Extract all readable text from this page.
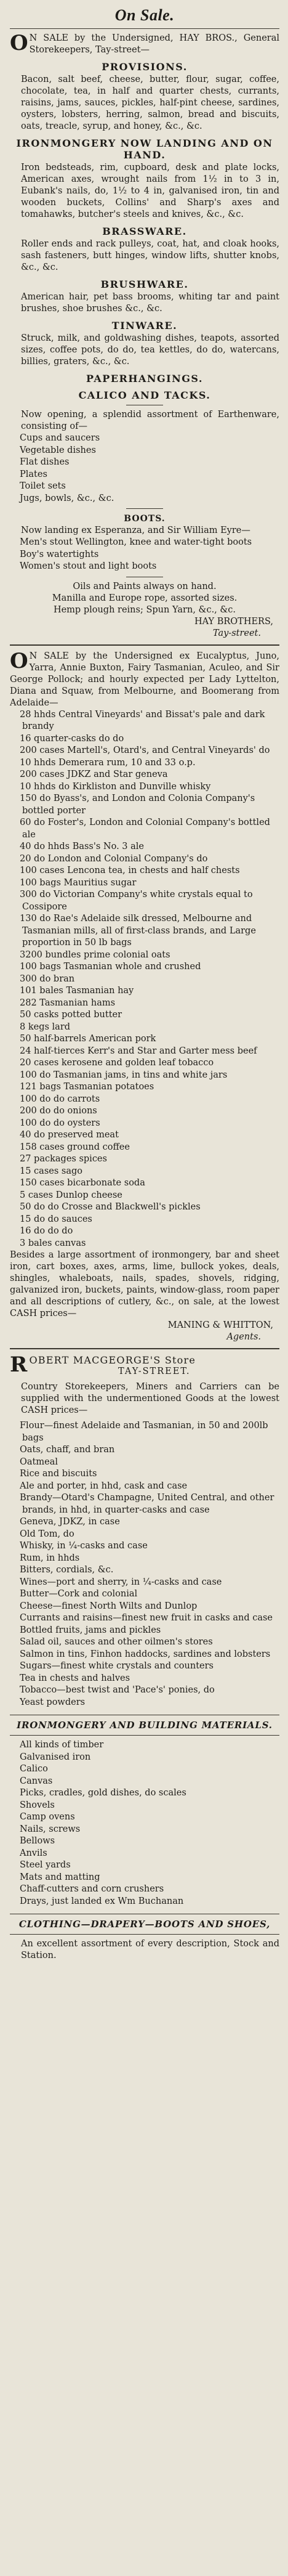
On Sale.

O N SALE by the Undersigned, HAY BROS., General Storekeepers, Tay-street—

PROVISIONS.

Bacon, salt beef, cheese, butter, flour, sugar, coffee, chocolate, tea, in half and quarter chests, currants, raisins, jams, sauces, pickles, half-pint cheese, sardines, oysters, lobsters, herring, salmon, bread and biscuits, oats, treacle, syrup, and honey, &c., &c.

IRONMONGERY NOW LANDING AND ON HAND.

Iron bedsteads, rim, cupboard, desk and plate locks, American axes, wrought nails from 1½ in to 3 in, Eubank's nails, do, 1½ to 4 in, galvanised iron, tin and wooden buckets, Collins' and Sharp's axes and tomahawks, butcher's steels and knives, &c., &c.

BRASSWARE.

Roller ends and rack pulleys, coat, hat, and cloak hooks, sash fasteners, butt hinges, window lifts, shutter knobs, &c., &c.

BRUSHWARE.

American hair, pet bass brooms, whiting tar and paint brushes, shoe brushes &c., &c.

TINWARE.

Struck, milk, and goldwashing dishes, teapots, assorted sizes, coffee pots, do do, tea kettles, do do, watercans, billies, graters, &c., &c.

PAPERHANGINGS.
CALICO AND TACKS.

Now opening, a splendid assortment of Earthenware, consisting of—

Cups and saucers
Vegetable dishes
Flat dishes
Plates
Toilet sets
Jugs, bowls, &c., &c.
BOOTS.

Now landing ex Esperanza, and Sir William Eyre—

Men's stout Wellington, knee and water-tight boots
Boy's watertights
Women's stout and light boots

Oils and Paints always on hand.

Manilla and Europe rope, assorted sizes.

Hemp plough reins; Spun Yarn, &c., &c.

HAY BROTHERS,
Tay-street.

O N SALE by the Undersigned ex Eucalyptus, Juno, Yarra, Annie Buxton, Fairy Tasmanian, Aculeo, and Sir George Pollock; and hourly expected per Lady Lyttelton, Diana and Squaw, from Melbourne, and Boomerang from Adelaide—

28 hhds Central Vineyards' and Bissat's pale and dark brandy
16 quarter-casks do do
200 cases Martell's, Otard's, and Central Vineyards' do
10 hhds Demerara rum, 10 and 33 o.p.
200 cases JDKZ and Star geneva
10 hhds do Kirkliston and Dunville whisky
150 do Byass's, and London and Colonia Company's bottled porter
60 do Foster's, London and Colonial Company's bottled ale
40 do hhds Bass's No. 3 ale
20 do London and Colonial Company's do
100 cases Lencona tea, in chests and half chests
100 bags Mauritius sugar
300 do Victorian Company's white crystals equal to Cossipore
130 do Rae's Adelaide silk dressed, Melbourne and Tasmanian mills, all of first-class brands, and Large proportion in 50 lb bags
3200 bundles prime colonial oats
100 bags Tasmanian whole and crushed
300 do bran
101 bales Tasmanian hay
282 Tasmanian hams
50 casks potted butter
8 kegs lard
50 half-barrels American pork
24 half-tierces Kerr's and Star and Garter mess beef
20 cases kerosene and golden leaf tobacco
100 do Tasmanian jams, in tins and white jars
121 bags Tasmanian potatoes
100 do do carrots
200 do do onions
100 do do oysters
40 do preserved meat
158 cases ground coffee
27 packages spices
15 cases sago
150 cases bicarbonate soda
5 cases Dunlop cheese
50 do do Crosse and Blackwell's pickles
15 do do sauces
16 do do do
3 bales canvas

Besides a large assortment of ironmongery, bar and sheet iron, cart boxes, axes, arms, lime, bullock yokes, deals, shingles, whaleboats, nails, spades, shovels, ridging, galvanized iron, buckets, paints, window-glass, room paper and all descriptions of cutlery, &c., on sale, at the lowest CASH prices—

MANING & WHITTON,
Agents.

ROBERT MACGEORGE'S Store

TAY-STREET.

Country Storekeepers, Miners and Carriers can be supplied with the undermentioned Goods at the lowest CASH prices—

Flour—finest Adelaide and Tasmanian, in 50 and 200lb bags
Oats, chaff, and bran
Oatmeal
Rice and biscuits
Ale and porter, in hhd, cask and case
Brandy—Otard's Champagne, United Central, and other brands, in hhd, in quarter-casks and case
Geneva, JDKZ, in case
Old Tom, do
Whisky, in ¼-casks and case
Rum, in hhds
Bitters, cordials, &c.
Wines—port and sherry, in ¼-casks and case
Butter—Cork and colonial
Cheese—finest North Wilts and Dunlop
Currants and raisins—finest new fruit in casks and case
Bottled fruits, jams and pickles
Salad oil, sauces and other oilmen's stores
Salmon in tins, Finhon haddocks, sardines and lobsters
Sugars—finest white crystals and counters
Tea in chests and halves
Tobacco—best twist and 'Pace's' ponies, do
Yeast powders
IRONMONGERY AND BUILDING MATERIALS.
All kinds of timber
Galvanised iron
Calico
Canvas
Picks, cradles, gold dishes, do scales
Shovels
Camp ovens
Nails, screws
Bellows
Anvils
Steel yards
Mats and matting
Chaff-cutters and corn crushers
Drays, just landed ex Wm Buchanan
CLOTHING—DRAPERY—BOOTS AND SHOES,

An excellent assortment of every description, Stock and Station.
